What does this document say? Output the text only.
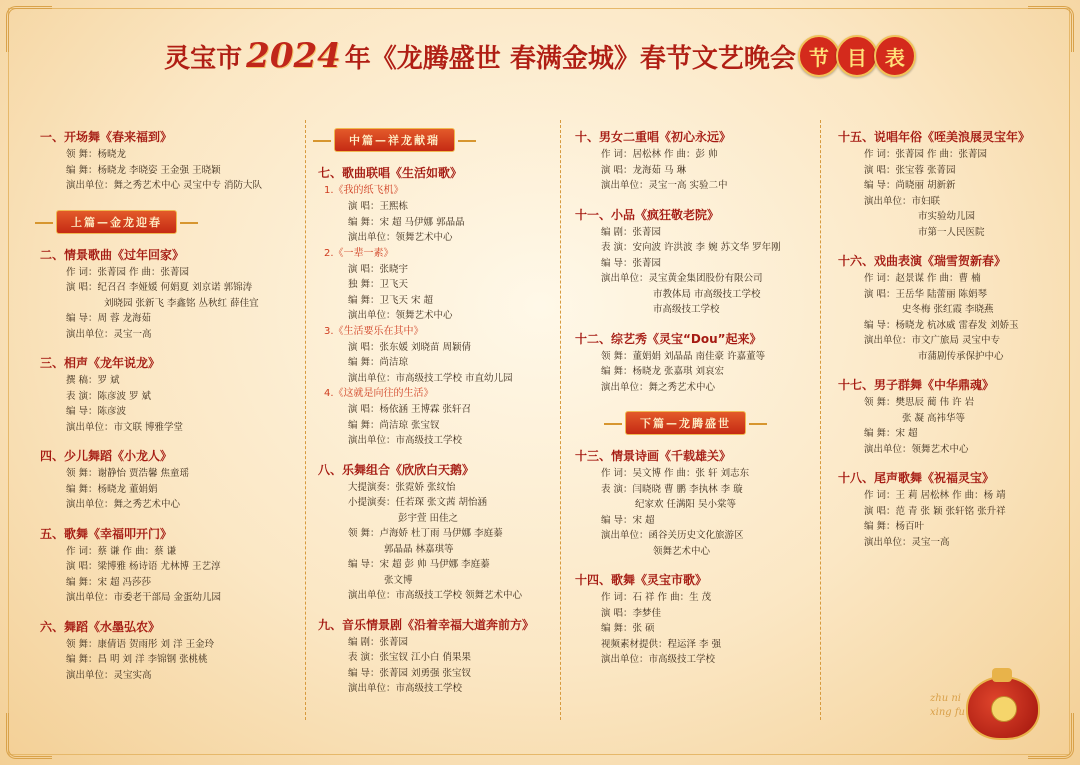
灵宝市 2024 年《龙腾盛世 春满金城》春节文艺晚会 节 目 表
一、开场舞《春来福到》
领 舞：杨晓龙
编 舞：杨晓龙 李晓姿 王金强 王晓颖
演出单位：舞之秀艺术中心 灵宝中专 消防大队
上篇—金龙迎春
二、情景歌曲《过年回家》
作 词：张菁园 作 曲：张菁园
演 唱：纪召召 李娅媛 何娟夏 刘京诺 郭锦涛
刘晓园 张新飞 李鑫铭 丛秋红 薛佳宜
编 导：周 蓉 龙海茹
演出单位：灵宝一高
三、相声《龙年说龙》
撰 稿：罗 斌
表 演：陈彦波 罗 斌
编 导：陈彦波
演出单位：市文联 博雅学堂
四、少儿舞蹈《小龙人》
领 舞：谢静怡 贾浩馨 焦童瑶
编 舞：杨晓龙 董娟娟
演出单位：舞之秀艺术中心
五、歌舞《幸福叩开门》
作 词：蔡 谦 作 曲：蔡 谦
演 唱：梁博雅 杨诗语 尤林博 王艺淳
编 舞：宋 超 冯莎莎
演出单位：市委老干部局 金蛋幼儿园
六、舞蹈《水墨弘农》
领 舞：康倩语 贺雨彤 刘 洋 王金玲
编 舞：昌 明 刘 洋 李锦钢 张桃桃
演出单位：灵宝实高
中篇—祥龙献瑞
七、歌曲联唱《生活如歌》
1.《我的纸飞机》
演 唱：王熙栋
编 舞：宋 超 马伊娜 郭晶晶
演出单位：领舞艺术中心
2.《一辈一素》
演 唱：张晓宇
独 舞：卫飞天
编 舞：卫飞天 宋 超
演出单位：领舞艺术中心
3.《生活要乐在其中》
演 唱：张东媛 刘晓苗 周颖倩
编 舞：尚洁琼
演出单位：市高级技工学校 市直幼儿园
4.《这就是向往的生活》
演 唱：杨依涵 王博霖 张轩召
编 舞：尚洁琼 张宝钗
演出单位：市高级技工学校
八、乐舞组合《欣欣白天鹅》
大提演奏：张霓娇 张纹怡
小提演奏：任若琛 张文茜 胡怡涵
彭宇萱 田佳之
领 舞：卢海娇 杜丁雨 马伊娜 李庭蓁
郭晶晶 林嘉琪等
编 导：宋 超 彭 帅 马伊娜 李庭蓁
张文博
演出单位：市高级技工学校 领舞艺术中心
九、音乐情景剧《沿着幸福大道奔前方》
编 剧：张菁园
表 演：张宝钗 江小白 俏果果
编 导：张菁园 刘勇强 张宝钗
演出单位：市高级技工学校
十、男女二重唱《初心永远》
作 词：居松林 作 曲：彭 帅
演 唱：龙海茹 马 琳
演出单位：灵宝一高 实验二中
十一、小品《疯狂敬老院》
编 剧：张菁园
表 演：安向波 许洪波 李 婉 苏文华 罗年刚
编 导：张菁园
演出单位：灵宝黄金集团股份有限公司
市教体局 市高级技工学校
市高级技工学校
十二、综艺秀《灵宝“Dou”起来》
领 舞：董娟娟 刘晶晶 南佳豪 许嘉董等
编 舞：杨晓龙 张嘉琪 刘哀宏
演出单位：舞之秀艺术中心
下篇—龙腾盛世
十三、情景诗画《千载雄关》
作 词：吴文博 作 曲：张 轩 刘志东
表 演：闫晓晓 曹 鹏 李执林 李 璇
纪家欢 任满阳 吴小棠等
编 导：宋 超
演出单位：函谷关历史文化旅游区
领舞艺术中心
十四、歌舞《灵宝市歌》
作 词：石 祥 作 曲：生 茂
演 唱：李梦佳
编 舞：张 硕
视频素材提供：程运泽 李 强
演出单位：市高级技工学校
十五、说唱年俗《咥美浪展灵宝年》
作 词：张菁园 作 曲：张菁园
演 唱：张宝蓉 张菁园
编 导：尚晓丽 胡新新
演出单位：市妇联
市实验幼儿园
市第一人民医院
十六、戏曲表演《瑞雪贺新春》
作 词：赵景谋 作 曲：曹 楠
演 唱：王岳华 陆蕾丽 陈娟琴
史冬梅 张红霞 李晓燕
编 导：杨晓龙 杭冰威 雷春发 刘娇玉
演出单位：市文广旅局 灵宝中专
市蒲剧传承保护中心
十七、男子群舞《中华鼎魂》
领 舞：樊思辰 蔺 伟 许 岩
张 凝 高祎华等
编 舞：宋 超
演出单位：领舞艺术中心
十八、尾声歌舞《祝福灵宝》
作 词：王 莉 居松林 作 曲：杨 靖
演 唱：范 青 张 颖 张轩铭 张升祥
编 舞：杨百叶
演出单位：灵宝一高
zhu ni
xing fu
